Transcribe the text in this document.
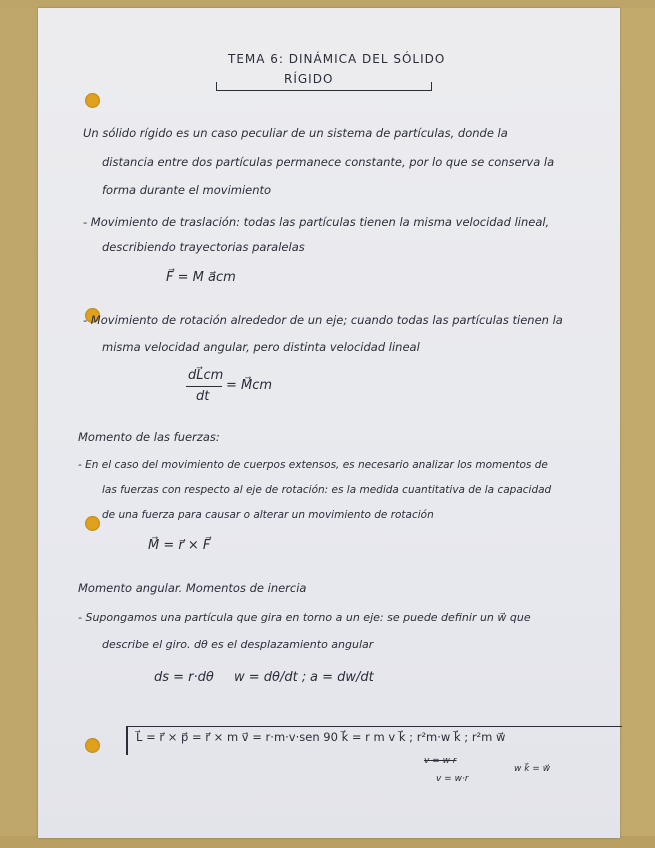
TEMA 6: DINÁMICA DEL SÓLIDO
RÍGIDO
Un sólido rígido es un caso peculiar de un sistema de partículas, donde la
distancia entre dos partículas permanece constante, por lo que se conserva la
forma durante el movimiento
- Movimiento de traslación: todas las partículas tienen la misma velocidad lineal,
describiendo trayectorias paralelas
F⃗ = M a⃗cm
- Movimiento de rotación alrededor de un eje; cuando todas las partículas tienen la
misma velocidad angular, pero distinta velocidad lineal
dL⃗cm
dt
= M⃗cm
Momento de las fuerzas:
- En el caso del movimiento de cuerpos extensos, es necesario analizar los momentos de
las fuerzas con respecto al eje de rotación: es la medida cuantitativa de la capacidad
de una fuerza para causar o alterar un movimiento de rotación
M⃗ = r⃗ × F⃗
Momento angular. Momentos de inercia
- Supongamos una partícula que gira en torno a un eje: se puede definir un w⃗ que
describe el giro. dθ es el desplazamiento angular
ds = r·dθ w = dθ/dt ; a = dw/dt
L⃗ = r⃗ × p⃗ = r⃗ × m v⃗ = r·m·v·sen 90 k⃗ = r m v k⃗ ; r²m·w k⃗ ; r²m w⃗
v = w r
v = w·r
w k⃗ = w⃗
